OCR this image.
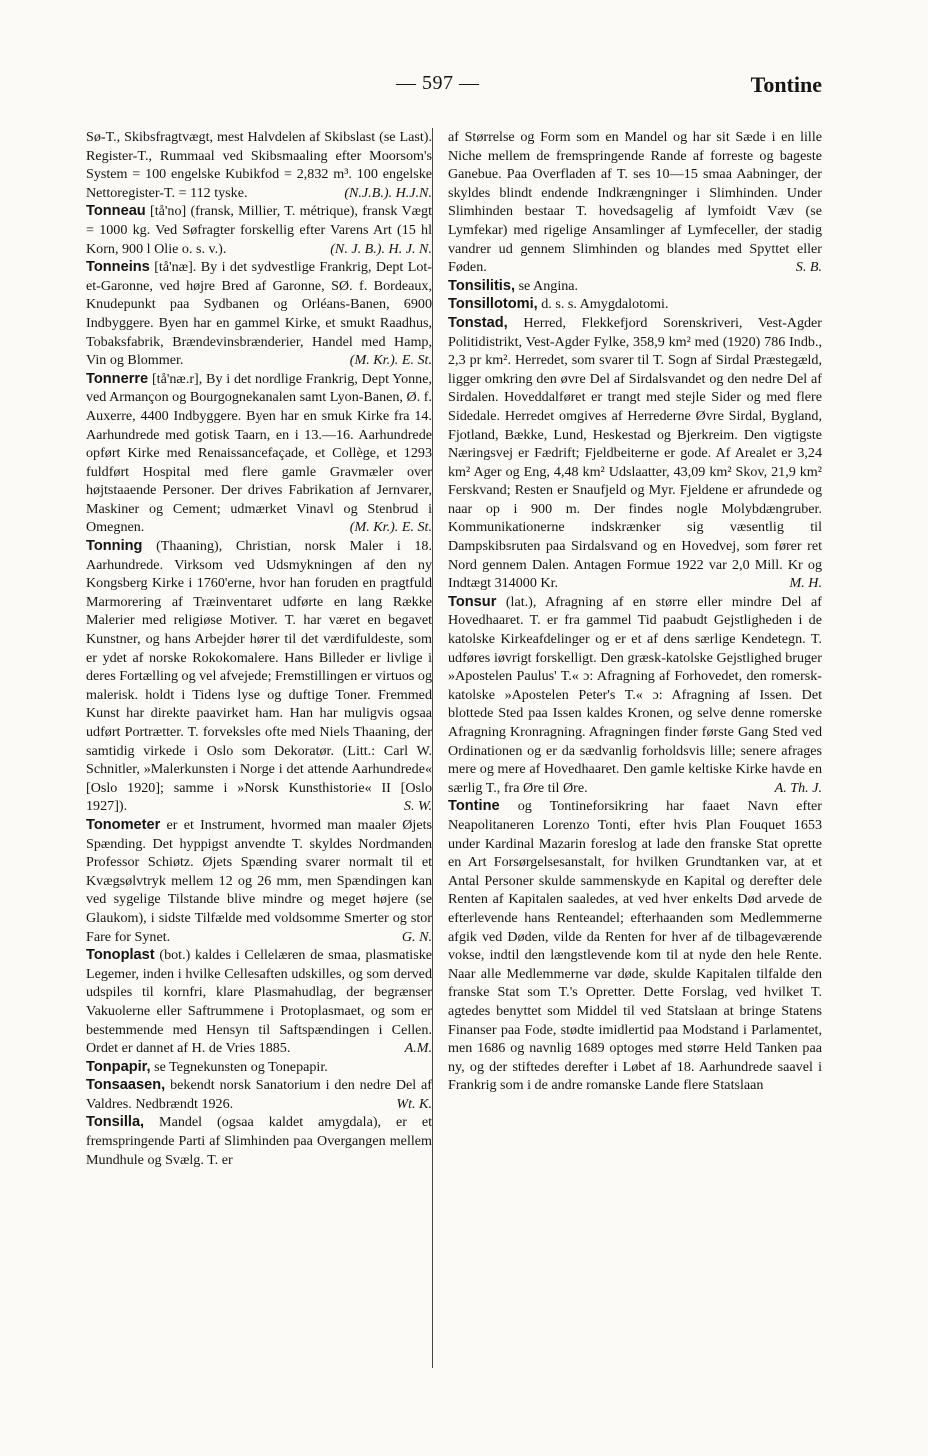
— 597 —	Tontine

Sø-T., Skibsfragtvægt, mest Halvdelen af Skibslast (se Last). Register-T., Rummaal ved Skibsmaaling efter Moorsom's System = 100 engelske Kubikfod = 2,832 m³. 100 engelske Nettoregister-T. = 112 tyske.	(N.J.B.). H.J.N.

Tonneau [tå'no] (fransk, Millier, T. métrique), fransk Vægt = 1000 kg. Ved Søfragter forskellig efter Varens Art (15 hl Korn, 900 l Olie o. s. v.).	(N. J. B.). H. J. N.

Tonneins [tå'næ]. By i det sydvestlige Frankrig, Dept Lot-et-Garonne, ved højre Bred af Garonne, SØ. f. Bordeaux, Knudepunkt paa Sydbanen og Orléans-Banen, 6900 Indbyggere. Byen har en gammel Kirke, et smukt Raadhus, Tobaksfabrik, Brændevinsbrænderier, Handel med Hamp, Vin og Blommer.	(M. Kr.). E. St.

Tonnerre [tå'næ.r], By i det nordlige Frankrig, Dept Yonne, ved Armançon og Bourgognekanalen samt Lyon-Banen, Ø. f. Auxerre, 4400 Indbyggere. Byen har en smuk Kirke fra 14. Aarhundrede med gotisk Taarn, en i 13.—16. Aarhundrede opført Kirke med Renaissancefaçade, et Collège, et 1293 fuldført Hospital med flere gamle Gravmæler over højtstaaende Personer. Der drives Fabrikation af Jernvarer, Maskiner og Cement; udmærket Vinavl og Stenbrud i Omegnen.	(M. Kr.). E. St.

Tonning (Thaaning), Christian, norsk Maler i 18. Aarhundrede. Virksom ved Udsmykningen af den ny Kongsberg Kirke i 1760'erne, hvor han foruden en pragtfuld Marmorering af Træinventaret udførte en lang Række Malerier med religiøse Motiver. T. har været en begavet Kunstner, og hans Arbejder hører til det værdifuldeste, som er ydet af norske Rokokomalere. Hans Billeder er livlige i deres Fortælling og vel afvejede; Fremstillingen er virtuos og malerisk. holdt i Tidens lyse og duftige Toner. Fremmed Kunst har direkte paavirket ham. Han har muligvis ogsaa udført Portrætter. T. forveksles ofte med Niels Thaaning, der samtidig virkede i Oslo som Dekoratør. (Litt.: Carl W. Schnitler, »Malerkunsten i Norge i det attende Aarhundrede« [Oslo 1920]; samme i »Norsk Kunsthistorie« II [Oslo 1927]).	S. W.

Tonometer er et Instrument, hvormed man maaler Øjets Spænding. Det hyppigst anvendte T. skyldes Nordmanden Professor Schiøtz. Øjets Spænding svarer normalt til et Kvægsølvtryk mellem 12 og 26 mm, men Spændingen kan ved sygelige Tilstande blive mindre og meget højere (se Glaukom), i sidste Tilfælde med voldsomme Smerter og stor Fare for Synet.	G. N.

Tonoplast (bot.) kaldes i Cellelæren de smaa, plasmatiske Legemer, inden i hvilke Cellesaften udskilles, og som derved udspiles til kornfri, klare Plasmahudlag, der begrænser Vakuolerne eller Saftrummene i Protoplasmaet, og som er bestemmende med Hensyn til Saftspændingen i Cellen. Ordet er dannet af H. de Vries 1885.	A.M.

Tonpapir, se Tegnekunsten og Tonepapir.

Tonsaasen, bekendt norsk Sanatorium i den nedre Del af Valdres. Nedbrændt 1926.	Wt. K.

Tonsilla, Mandel (ogsaa kaldet amygdala), er et fremspringende Parti af Slimhinden paa Overgangen mellem Mundhule og Svælg. T. er

af Størrelse og Form som en Mandel og har sit Sæde i en lille Niche mellem de fremspringende Rande af forreste og bageste Ganebue. Paa Overfladen af T. ses 10—15 smaa Aabninger, der skyldes blindt endende Indkrængninger i Slimhinden. Under Slimhinden bestaar T. hovedsagelig af lymfoidt Væv (se Lymfekar) med rigelige Ansamlinger af Lymfeceller, der stadig vandrer ud gennem Slimhinden og blandes med Spyttet eller Føden.	S. B.

Tonsilitis, se Angina.

Tonsillotomi, d. s. s. Amygdalotomi.

Tonstad, Herred, Flekkefjord Sorenskriveri, Vest-Agder Politidistrikt, Vest-Agder Fylke, 358,9 km² med (1920) 786 Indb., 2,3 pr km². Herredet, som svarer til T. Sogn af Sirdal Præstegæld, ligger omkring den øvre Del af Sirdalsvandet og den nedre Del af Sirdalen. Hoveddalføret er trangt med stejle Sider og med flere Sidedale. Herredet omgives af Herrederne Øvre Sirdal, Bygland, Fjotland, Bække, Lund, Heskestad og Bjerkreim. Den vigtigste Næringsvej er Fædrift; Fjeldbeiterne er gode. Af Arealet er 3,24 km² Ager og Eng, 4,48 km² Udslaatter, 43,09 km² Skov, 21,9 km² Ferskvand; Resten er Snaufjeld og Myr. Fjeldene er afrundede og naar op i 900 m. Der findes nogle Molybdængruber. Kommunikationerne indskrænker sig væsentlig til Dampskibsruten paa Sirdalsvand og en Hovedvej, som fører ret Nord gennem Dalen. Antagen Formue 1922 var 2,0 Mill. Kr og Indtægt 314000 Kr.	M. H.

Tonsur (lat.), Afragning af en større eller mindre Del af Hovedhaaret. T. er fra gammel Tid paabudt Gejstligheden i de katolske Kirkeafdelinger og er et af dens særlige Kendetegn. T. udføres iøvrigt forskelligt. Den græsk-katolske Gejstlighed bruger »Apostelen Paulus' T.« ɔ: Afragning af Forhovedet, den romersk-katolske »Apostelen Peter's T.« ɔ: Afragning af Issen. Det blottede Sted paa Issen kaldes Kronen, og selve denne romerske Afragning Kronragning. Afragningen finder første Gang Sted ved Ordinationen og er da sædvanlig forholdsvis lille; senere afrages mere og mere af Hovedhaaret. Den gamle keltiske Kirke havde en særlig T., fra Øre til Øre.	A. Th. J.

Tontine og Tontineforsikring har faaet Navn efter Neapolitaneren Lorenzo Tonti, efter hvis Plan Fouquet 1653 under Kardinal Mazarin foreslog at lade den franske Stat oprette en Art Forsørgelsesanstalt, for hvilken Grundtanken var, at et Antal Personer skulde sammenskyde en Kapital og derefter dele Renten af Kapitalen saaledes, at ved hver enkelts Død arvede de efterlevende hans Renteandel; efterhaanden som Medlemmerne afgik ved Døden, vilde da Renten for hver af de tilbageværende vokse, indtil den længstlevende kom til at nyde den hele Rente. Naar alle Medlemmerne var døde, skulde Kapitalen tilfalde den franske Stat som T.'s Opretter. Dette Forslag, ved hvilket T. agtedes benyttet som Middel til ved Statslaan at bringe Statens Finanser paa Fode, stødte imidlertid paa Modstand i Parlamentet, men 1686 og navnlig 1689 optoges med større Held Tanken paa ny, og der stiftedes derefter i Løbet af 18. Aarhundrede saavel i Frankrig som i de andre romanske Lande flere Statslaan
